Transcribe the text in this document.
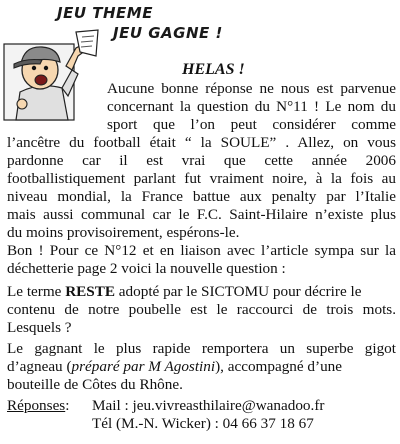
JEU THEME
JEU GAGNE !
HELAS !
Aucune bonne réponse ne nous est parvenue
concernant la question du N°11 ! Le nom du
sport que l’on peut considérer comme
l’ancêtre du football était “ la SOULE” . Allez, on vous
pardonne car il est vrai que cette année 2006
footballistiquement parlant fut vraiment noire, à la fois au
niveau mondial, la France battue aux penalty par l’Italie
mais aussi communal car le F.C. Saint-Hilaire n’existe plus
du moins provisoirement, espérons-le.
Bon ! Pour ce N°12 et en liaison avec l’article sympa sur la
déchetterie page 2 voici la nouvelle question :
Le terme RESTE adopté par le SICTOMU pour décrire le
contenu de notre poubelle est le raccourci de trois mots.
Lesquels ?
Le gagnant le plus rapide remportera un superbe gigot
d’agneau (préparé par M Agostini), accompagné d’une
bouteille de Côtes du Rhône.
Réponses: Mail : jeu.vivreasthilaire@wanadoo.fr
Tél (M.-N. Wicker) : 04 66 37 18 67
